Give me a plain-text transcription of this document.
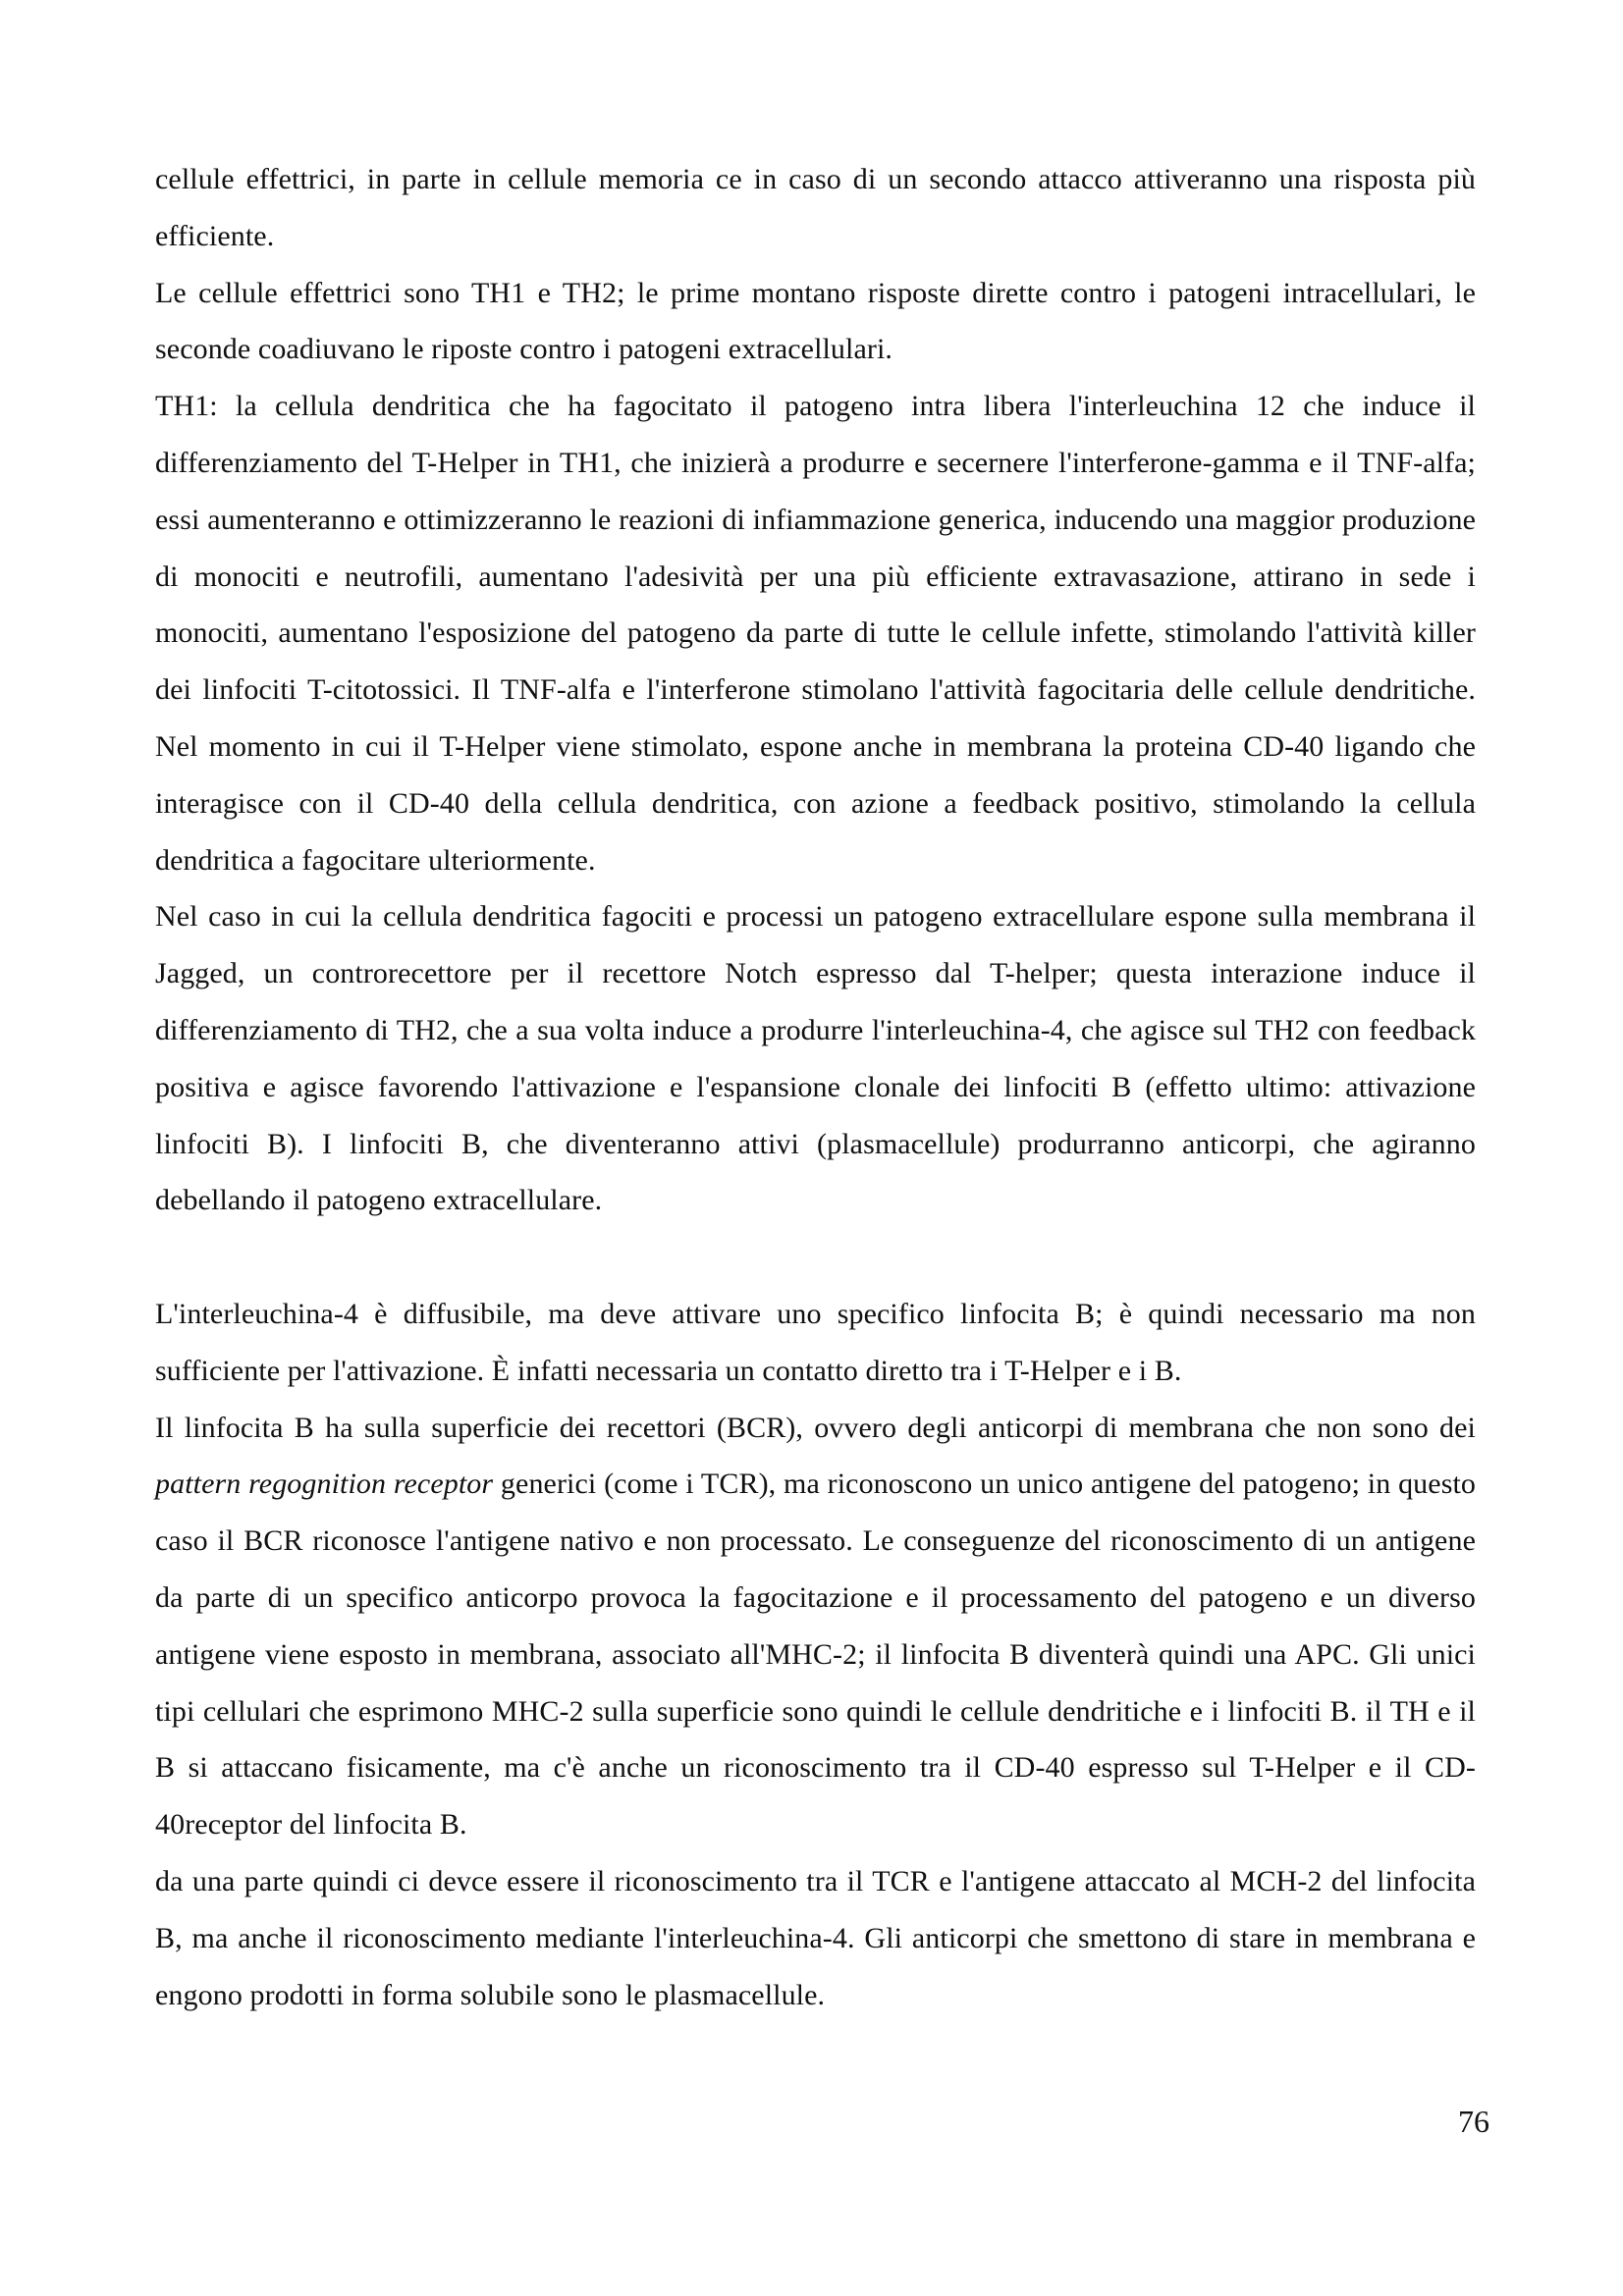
cellule effettrici, in parte in cellule memoria ce in caso di un secondo attacco attiveranno una risposta più efficiente.

Le cellule effettrici sono TH1 e TH2; le prime montano risposte dirette contro i patogeni intracellulari, le seconde coadiuvano le riposte contro i patogeni extracellulari.

TH1: la cellula dendritica che ha fagocitato il patogeno intra libera l'interleuchina 12 che induce il differenziamento del T-Helper in TH1, che inizierà a produrre e secernere l'interferone-gamma e il TNF-alfa; essi aumenteranno e ottimizzeranno le reazioni di infiammazione generica, inducendo una maggior produzione di monociti e neutrofili, aumentano l'adesività per una più efficiente extravasazione, attirano in sede i monociti, aumentano l'esposizione del patogeno da parte di tutte le cellule infette, stimolando l'attività killer dei linfociti T-citotossici. Il TNF-alfa e l'interferone stimolano l'attività fagocitaria delle cellule dendritiche. Nel momento in cui il T-Helper viene stimolato, espone anche in membrana la proteina CD-40 ligando che interagisce con il CD-40 della cellula dendritica, con azione a feedback positivo, stimolando la cellula dendritica a fagocitare ulteriormente.

Nel caso in cui la cellula dendritica fagociti e processi un patogeno extracellulare espone sulla membrana il Jagged, un controrecettore per il recettore Notch espresso dal T-helper; questa interazione induce il differenziamento di TH2, che a sua volta induce a produrre l'interleuchina-4, che agisce sul TH2 con feedback positiva e agisce favorendo l'attivazione e l'espansione clonale dei linfociti B (effetto ultimo: attivazione linfociti B). I linfociti B, che diventeranno attivi (plasmacellule) produrranno anticorpi, che agiranno debellando il patogeno extracellulare.

L'interleuchina-4 è diffusibile, ma deve attivare uno specifico linfocita B; è quindi necessario ma non sufficiente per l'attivazione. È infatti necessaria un contatto diretto tra i T-Helper e i B.

Il linfocita B ha sulla superficie dei recettori (BCR), ovvero degli anticorpi di membrana che non sono dei pattern regognition receptor generici (come i TCR), ma riconoscono un unico antigene del patogeno; in questo caso il BCR riconosce l'antigene nativo e non processato. Le conseguenze del riconoscimento di un antigene da parte di un specifico anticorpo provoca la fagocitazione e il processamento del patogeno e un diverso antigene viene esposto in membrana, associato all'MHC-2; il linfocita B diventerà quindi una APC. Gli unici tipi cellulari che esprimono MHC-2 sulla superficie sono quindi le cellule dendritiche e i linfociti B. il TH e il B si attaccano fisicamente, ma c'è anche un riconoscimento tra il CD-40 espresso sul T-Helper e il CD-40receptor del linfocita B.

da una parte quindi ci devce essere il riconoscimento tra il TCR e l'antigene attaccato al MCH-2 del linfocita B, ma anche il riconoscimento mediante l'interleuchina-4. Gli anticorpi che smettono di stare in membrana e engono prodotti in forma solubile sono le plasmacellule.

76
